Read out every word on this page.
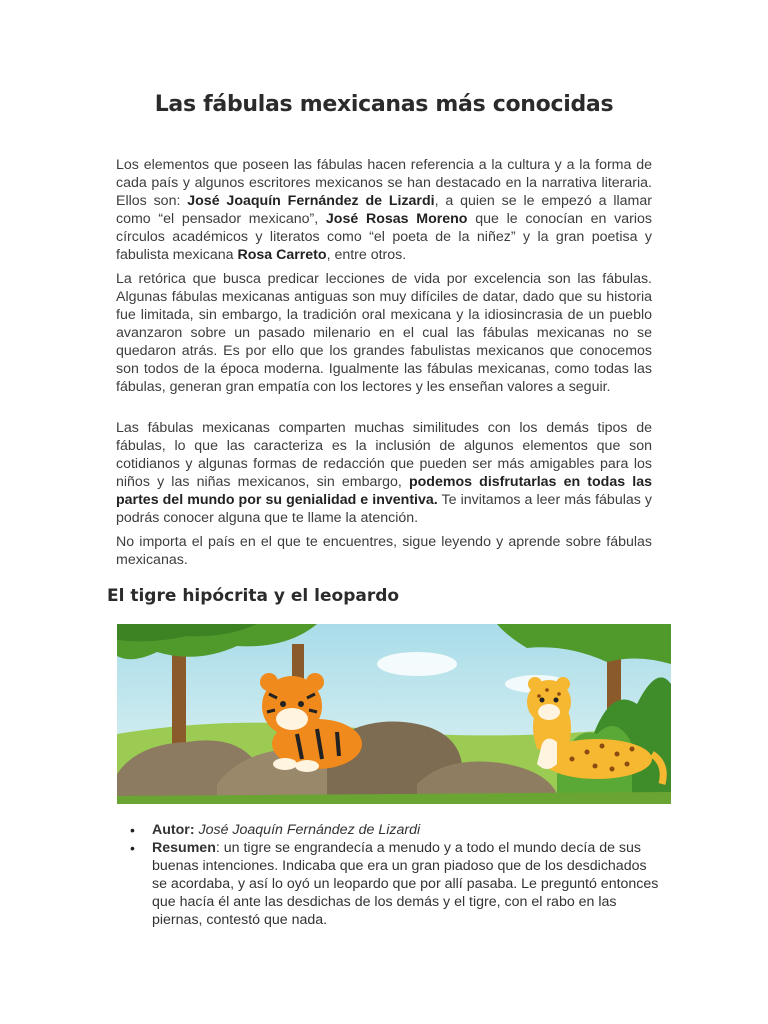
Las fábulas mexicanas más conocidas

Los elementos que poseen las fábulas hacen referencia a la cultura y a la forma de cada país y algunos escritores mexicanos se han destacado en la narrativa literaria. Ellos son: José Joaquín Fernández de Lizardi, a quien se le empezó a llamar como “el pensador mexicano”, José Rosas Moreno que le conocían en varios círculos académicos y literatos como “el poeta de la niñez” y la gran poetisa y fabulista mexicana Rosa Carreto, entre otros.

La retórica que busca predicar lecciones de vida por excelencia son las fábulas. Algunas fábulas mexicanas antiguas son muy difíciles de datar, dado que su historia fue limitada, sin embargo, la tradición oral mexicana y la idiosincrasia de un pueblo avanzaron sobre un pasado milenario en el cual las fábulas mexicanas no se quedaron atrás. Es por ello que los grandes fabulistas mexicanos que conocemos son todos de la época moderna. Igualmente las fábulas mexicanas, como todas las fábulas, generan gran empatía con los lectores y les enseñan valores a seguir.

Las fábulas mexicanas comparten muchas similitudes con los demás tipos de fábulas, lo que las caracteriza es la inclusión de algunos elementos que son cotidianos y algunas formas de redacción que pueden ser más amigables para los niños y las niñas mexicanos, sin embargo, podemos disfrutarlas en todas las partes del mundo por su genialidad e inventiva. Te invitamos a leer más fábulas y podrás conocer alguna que te llame la atención.

No importa el país en el que te encuentres, sigue leyendo y aprende sobre fábulas mexicanas.

El tigre hipócrita y el leopardo
• Autor: José Joaquín Fernández de Lizardi
• Resumen: un tigre se engrandecía a menudo y a todo el mundo decía de sus buenas intenciones. Indicaba que era un gran piadoso que de los desdichados se acordaba, y así lo oyó un leopardo que por allí pasaba. Le preguntó entonces que hacía él ante las desdichas de los demás y el tigre, con el rabo en las piernas, contestó que nada.
